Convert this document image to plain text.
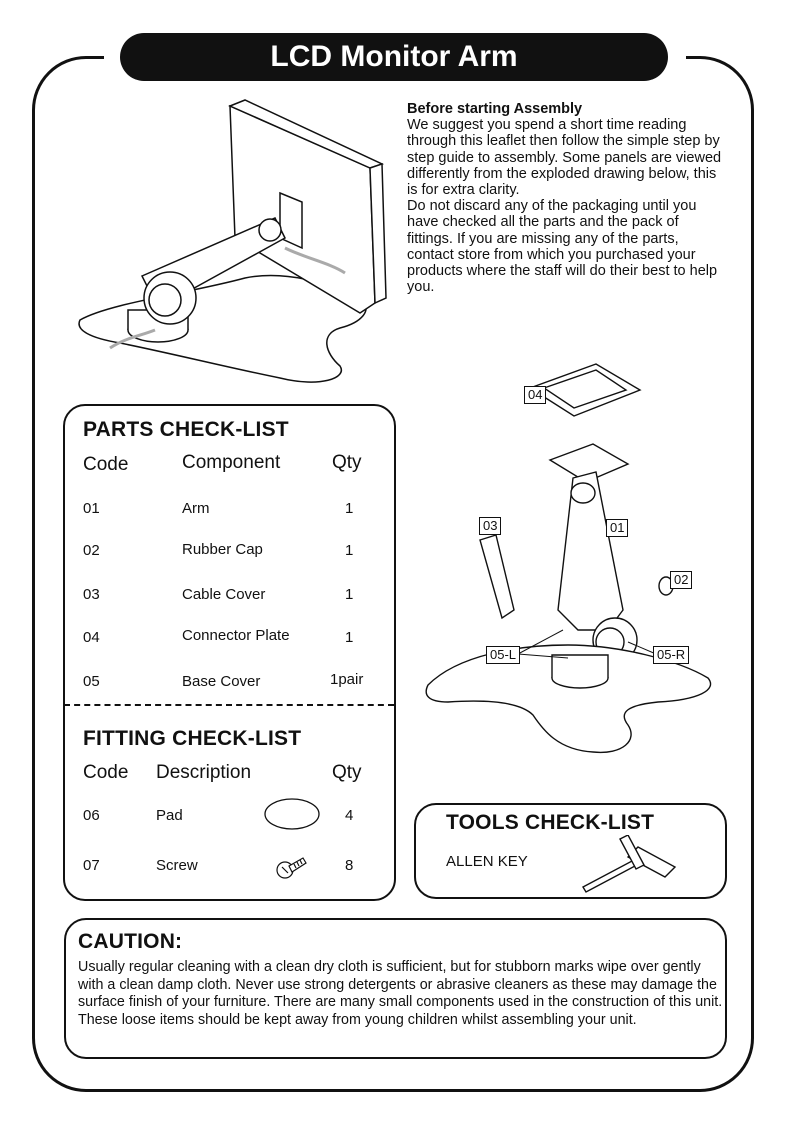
LCD Monitor Arm

Before starting Assembly

We suggest you spend a short time reading through this leaflet then follow the simple step by step guide to assembly. Some panels are viewed differently from the exploded drawing below, this is for extra clarity.

Do not discard any of the packaging until you have checked all the parts and the pack of fittings. If you are missing any of the parts, contact store from which you purchased your products where the staff will do their best to help you.

PARTS CHECK-LIST
Code	Component	Qty
01	Arm	1
02	Rubber Cap	1
03	Cable Cover	1
04	Connector Plate	1
05	Base Cover	1pair
FITTING CHECK-LIST
Code Description	Qty
06	Pad	4
07	Screw	8
TOOLS CHECK-LIST
ALLEN KEY
CAUTION:
Usually regular cleaning with a clean dry cloth is sufficient, but for stubborn marks wipe over gently with a clean damp cloth. Never use strong detergents or abrasive cleaners as these may damage the surface finish of your furniture. There are many small components used in the construction of this unit. These loose items should be kept away from young children whilst assembling your unit.
04
03	01
02
05-L	05-R
